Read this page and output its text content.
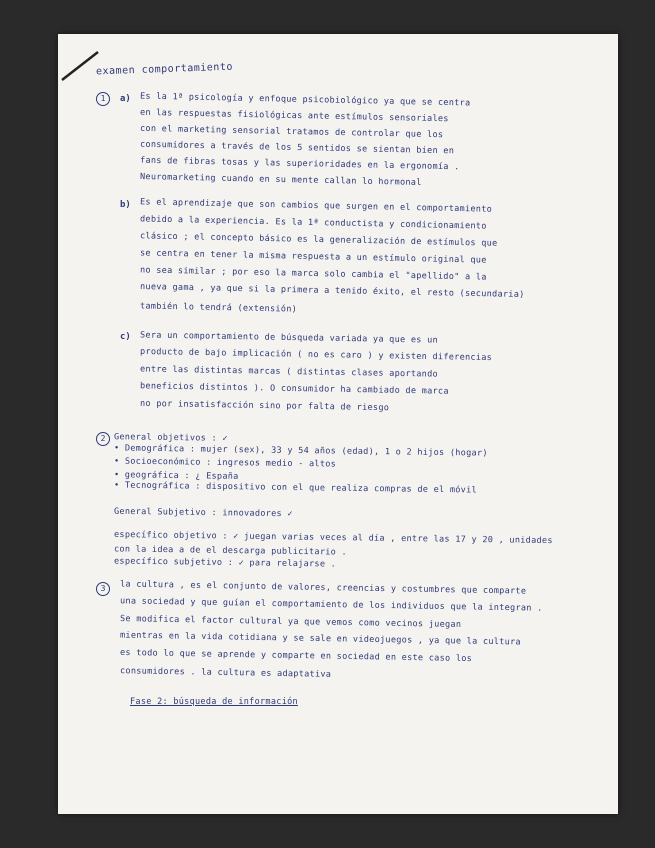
examen comportamiento
1	a) Es la 1ª psicología y enfoque psicobiológico ya que se centra
en las respuestas fisiológicas ante estímulos sensoriales
con el marketing sensorial tratamos de controlar que los
consumidores a través de los 5 sentidos se sientan bien en
fans de fibras tosas y las superioridades en la ergonomía .
Neuromarketing cuando en su mente callan lo hormonal
b) Es el aprendizaje que son cambios que surgen en el comportamiento
debido a la experiencia. Es la 1ª conductista y condicionamiento
clásico ; el concepto básico es la generalización de estímulos que
se centra en tener la misma respuesta a un estímulo original que
no sea similar ; por eso la marca solo cambia el "apellido" a la
nueva gama , ya que si la primera a tenido éxito, el resto (secundaria)
también lo tendrá (extensión)
c) Sera un comportamiento de búsqueda variada ya que es un
producto de bajo implicación ( no es caro ) y existen diferencias
entre las distintas marcas ( distintas clases aportando
beneficios distintos ). O consumidor ha cambiado de marca
no por insatisfacción sino por falta de riesgo
2	General objetivos : ✓
• Demográfica : mujer (sex), 33 y 54 años (edad), 1 o 2 hijos (hogar)
• Socioeconómico : ingresos medio - altos
• geográfica : ¿ España
• Tecnográfica : dispositivo con el que realiza compras de el móvil
General Subjetivo : innovadores ✓
específico objetivo : ✓ juegan varias veces al día , entre las 17 y 20 , unidades
con la idea a de el descarga publicitario .
específico subjetivo : ✓ para relajarse .
3	la cultura , es el conjunto de valores, creencias y costumbres que comparte
una sociedad y que guían el comportamiento de los individuos que la integran .
Se modifica el factor cultural ya que vemos como vecinos juegan
mientras en la vida cotidiana y se sale en videojuegos , ya que la cultura
es todo lo que se aprende y comparte en sociedad en este caso los
consumidores . la cultura es adaptativa
Fase 2: búsqueda de información
